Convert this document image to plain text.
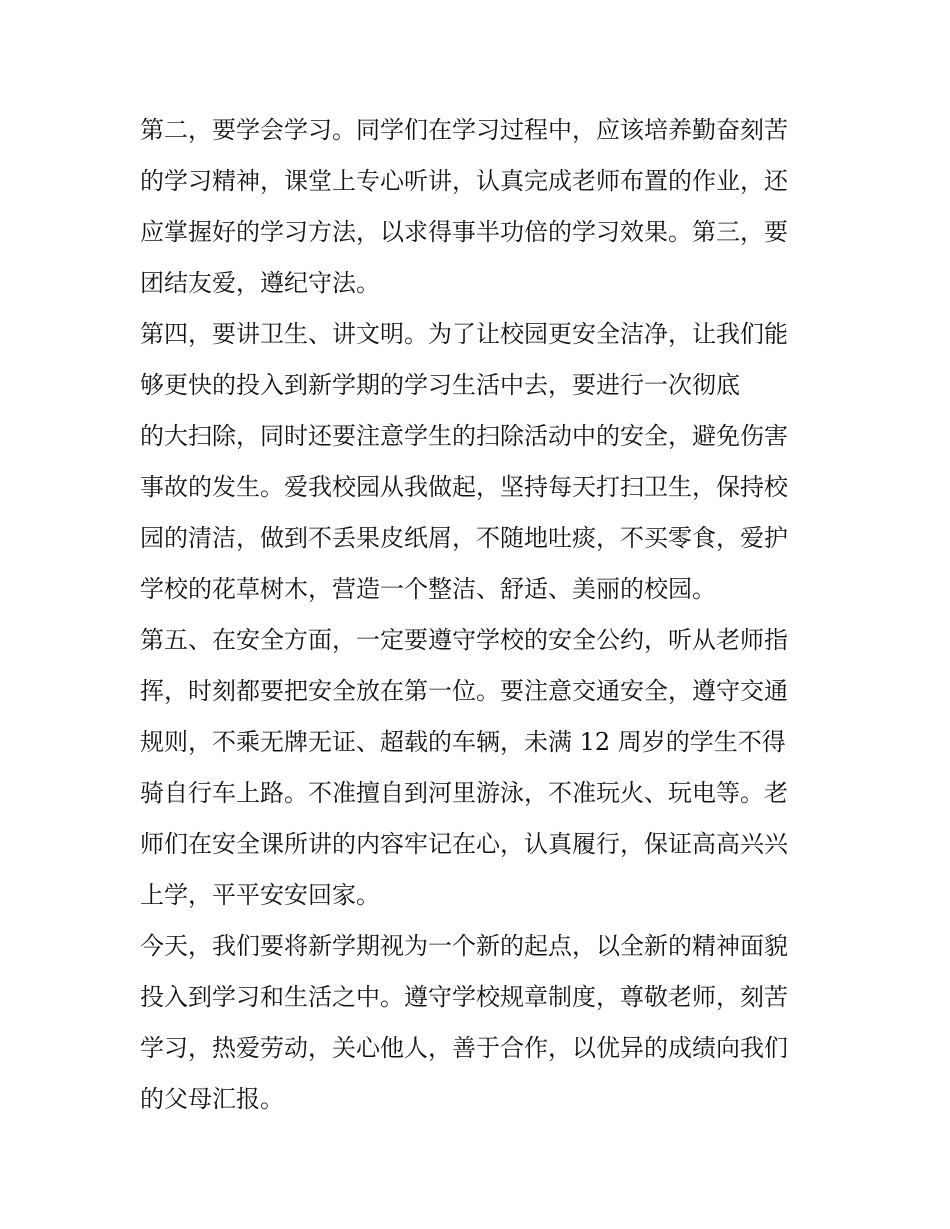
第二，要学会学习。同学们在学习过程中，应该培养勤奋刻苦
的学习精神，课堂上专心听讲，认真完成老师布置的作业，还
应掌握好的学习方法，以求得事半功倍的学习效果。第三，要
团结友爱，遵纪守法。
第四，要讲卫生、讲文明。为了让校园更安全洁净，让我们能
够更快的投入到新学期的学习生活中去，要进行一次彻底
的大扫除，同时还要注意学生的扫除活动中的安全，避免伤害
事故的发生。爱我校园从我做起，坚持每天打扫卫生，保持校
园的清洁，做到不丢果皮纸屑，不随地吐痰，不买零食，爱护
学校的花草树木，营造一个整洁、舒适、美丽的校园。
第五、在安全方面，一定要遵守学校的安全公约，听从老师指
挥，时刻都要把安全放在第一位。要注意交通安全，遵守交通
规则，不乘无牌无证、超载的车辆，未满 12 周岁的学生不得
骑自行车上路。不准擅自到河里游泳，不准玩火、玩电等。老
师们在安全课所讲的内容牢记在心，认真履行，保证高高兴兴
上学，平平安安回家。
今天，我们要将新学期视为一个新的起点，以全新的精神面貌
投入到学习和生活之中。遵守学校规章制度，尊敬老师，刻苦
学习，热爱劳动，关心他人，善于合作，以优异的成绩向我们
的父母汇报。
